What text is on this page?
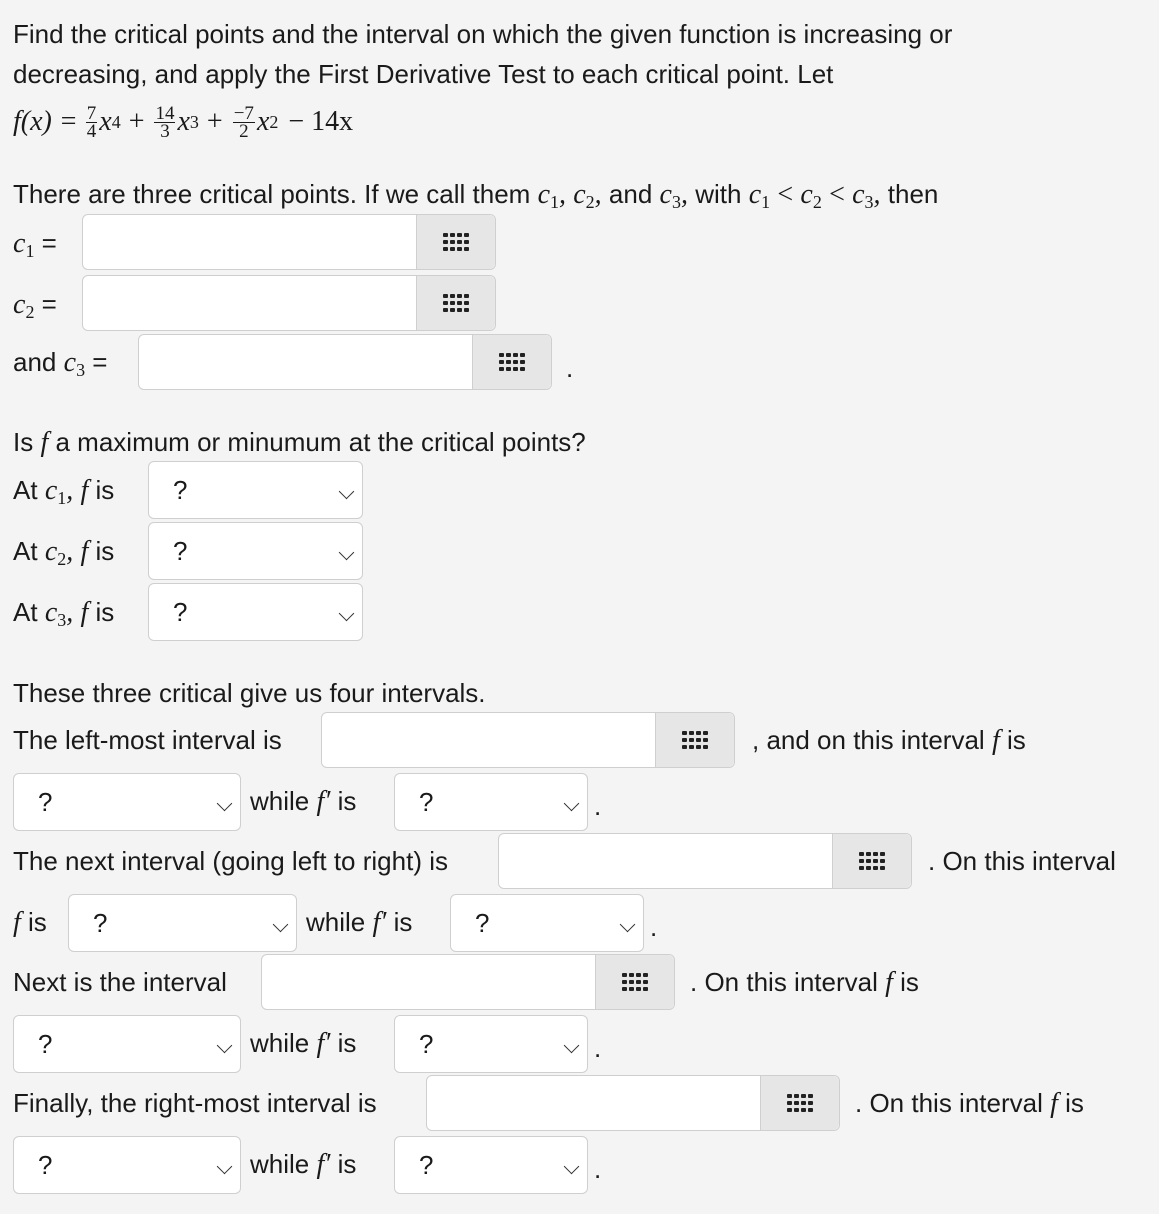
Find the critical points and the interval on which the given function is increasing or
decreasing, and apply the First Derivative Test to each critical point. Let
$f(x) = \frac{7}{4}$ x $4 + \frac{14}{3}$ x $3 + \frac{-7}{2}$ x 2 − 14x
There are three critical points. If we call them $c_1$, $c_2$, and $c_3$, with $c_1 < c_2 < c_3$, then
$c_1$ =
$c_2$ =
and $c_3$ =	.
Is f a maximum or minumum at the critical points?
At $c_1$, f is ?
At $c_2$, f is ?
At $c_3$, f is ?
These three critical give us four intervals.
The left-most interval is	, and on this interval f is
?	while f′ is ?	.
The next interval (going left to right) is	. On this interval
f is ?	while f′ is ?	.
Next is the interval	. On this interval f is
?	while f′ is ?	.
Finally, the right-most interval is	. On this interval f is
?	while f′ is ?	.
